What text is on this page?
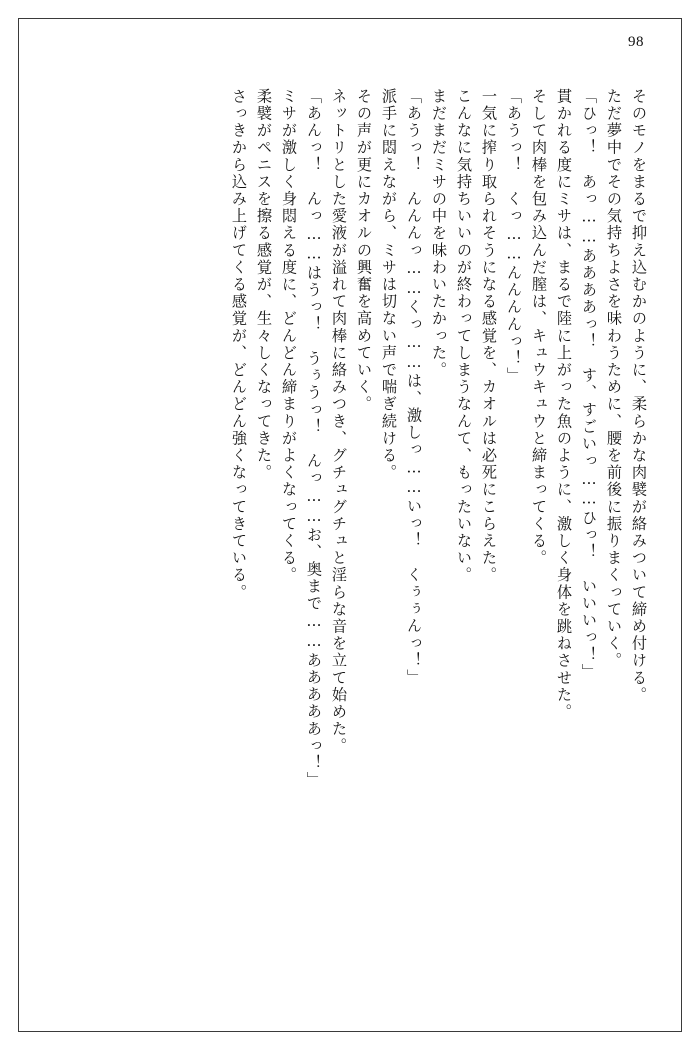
98
そのモノをまるで抑え込むかのように、柔らかな肉襞が絡みついて締め付ける。
ただ夢中でその気持ちよさを味わうために、腰を前後に振りまくっていく。
「ひっ！　あっ……ああああっ！　す、すごいっ……ひっ！　いいいっ！」
貫かれる度にミサは、まるで陸に上がった魚のように、激しく身体を跳ねさせた。
そして肉棒を包み込んだ膣は、キュウキュウと締まってくる。
「あうっ！　くっ……んんんんっ！」
一気に搾り取られそうになる感覚を、カオルは必死にこらえた。
こんなに気持ちいいのが終わってしまうなんて、もったいない。
まだまだミサの中を味わいたかった。
「あうっ！　んんんっ……くっ……は、激しっ……いっ！　くぅぅんっ！」
派手に悶えながら、ミサは切ない声で喘ぎ続ける。
その声が更にカオルの興奮を高めていく。
ネットリとした愛液が溢れて肉棒に絡みつき、グチュグチュと淫らな音を立て始めた。
「あんっ！　んっ……はうっ！　うぅうっ！　んっ……お、奥まで……あああああっ！」
ミサが激しく身悶える度に、どんどん締まりがよくなってくる。
柔襞がペニスを擦る感覚が、生々しくなってきた。
さっきから込み上げてくる感覚が、どんどん強くなってきている。
